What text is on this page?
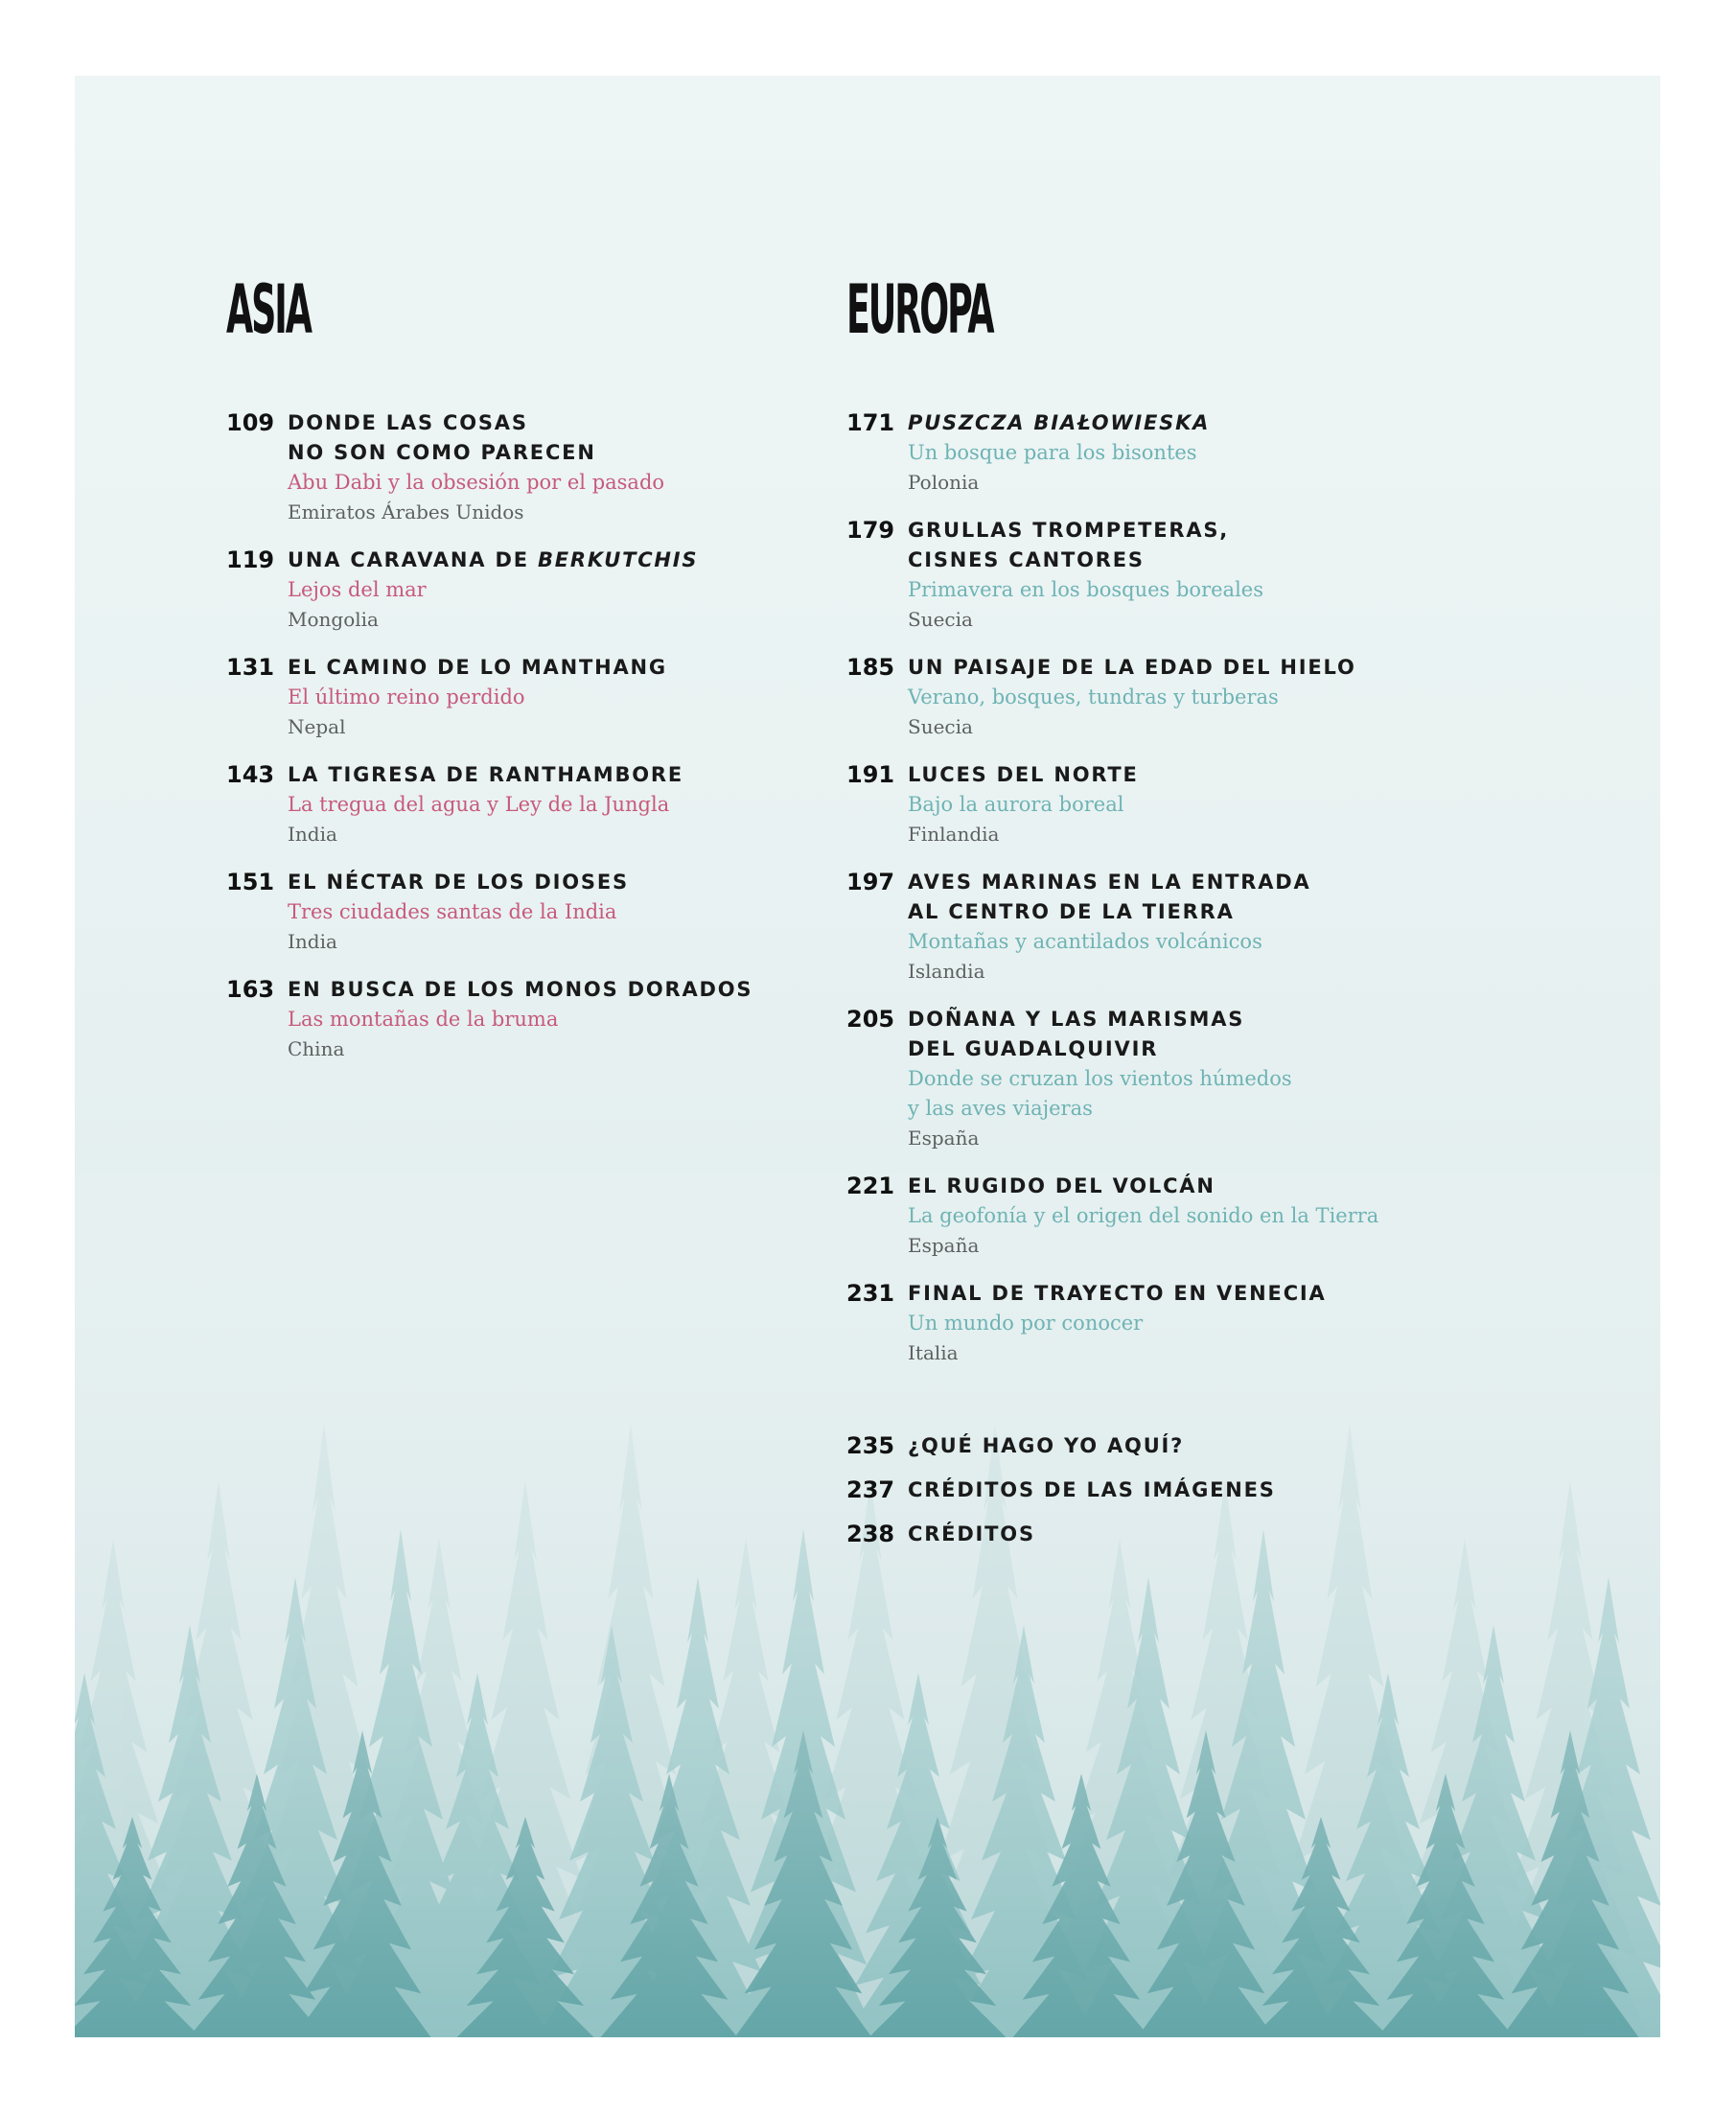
ASIA
109 DONDE LAS COSAS
NO SON COMO PARECEN
Abu Dabi y la obsesión por el pasado
Emiratos Árabes Unidos
119 UNA CARAVANA DE BERKUTCHIS
Lejos del mar
Mongolia
131 EL CAMINO DE LO MANTHANG
El último reino perdido
Nepal
143 LA TIGRESA DE RANTHAMBORE
La tregua del agua y Ley de la Jungla
India
151 EL NÉCTAR DE LOS DIOSES
Tres ciudades santas de la India
India
163 EN BUSCA DE LOS MONOS DORADOS
Las montañas de la bruma
China
EUROPA
171 PUSZCZA BIAŁOWIESKA
Un bosque para los bisontes
Polonia
179 GRULLAS TROMPETERAS,
CISNES CANTORES
Primavera en los bosques boreales
Suecia
185 UN PAISAJE DE LA EDAD DEL HIELO
Verano, bosques, tundras y turberas
Suecia
191 LUCES DEL NORTE
Bajo la aurora boreal
Finlandia
197 AVES MARINAS EN LA ENTRADA
AL CENTRO DE LA TIERRA
Montañas y acantilados volcánicos
Islandia
205 DOÑANA Y LAS MARISMAS
DEL GUADALQUIVIR
Donde se cruzan los vientos húmedos
y las aves viajeras
España
221 EL RUGIDO DEL VOLCÁN
La geofonía y el origen del sonido en la Tierra
España
231 FINAL DE TRAYECTO EN VENECIA
Un mundo por conocer
Italia
235 ¿QUÉ HAGO YO AQUÍ?
237 CRÉDITOS DE LAS IMÁGENES
238 CRÉDITOS
